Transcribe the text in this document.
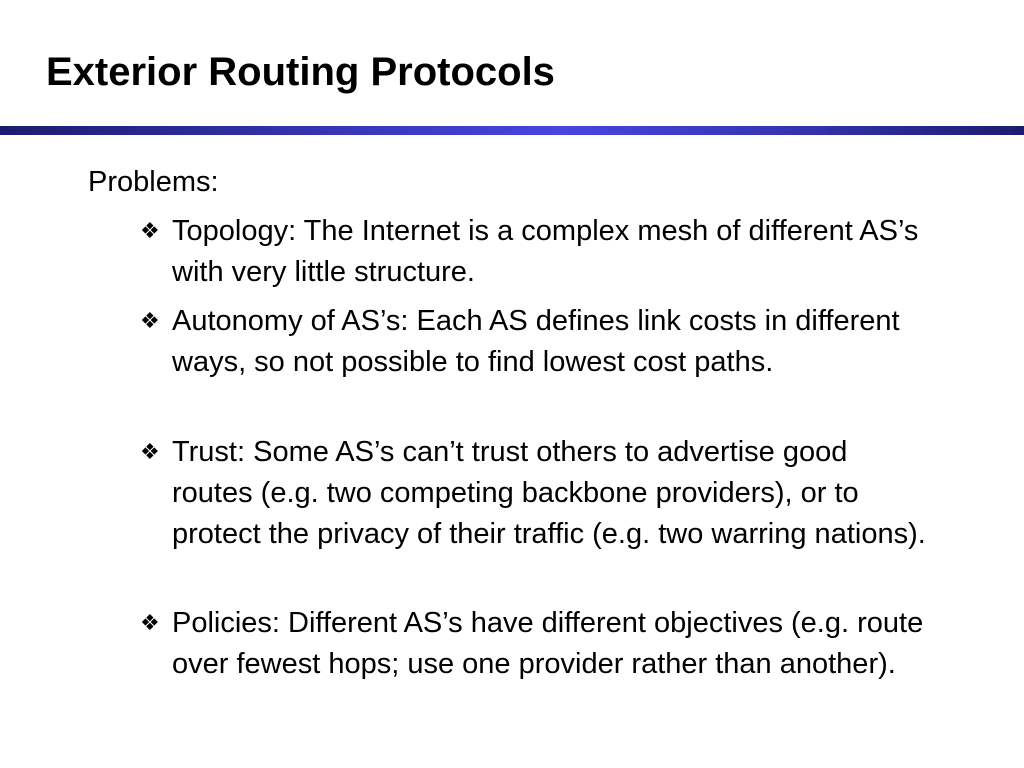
Exterior Routing Protocols
Problems:
❖ Topology: The Internet is a complex mesh of different AS’s with very little structure.
❖ Autonomy of AS’s: Each AS defines link costs in different ways, so not possible to find lowest cost paths.
❖ Trust: Some AS’s can’t trust others to advertise good routes (e.g. two competing backbone providers), or to protect the privacy of their traffic (e.g. two warring nations).
❖ Policies: Different AS’s have different objectives (e.g. route over fewest hops; use one provider rather than another).
